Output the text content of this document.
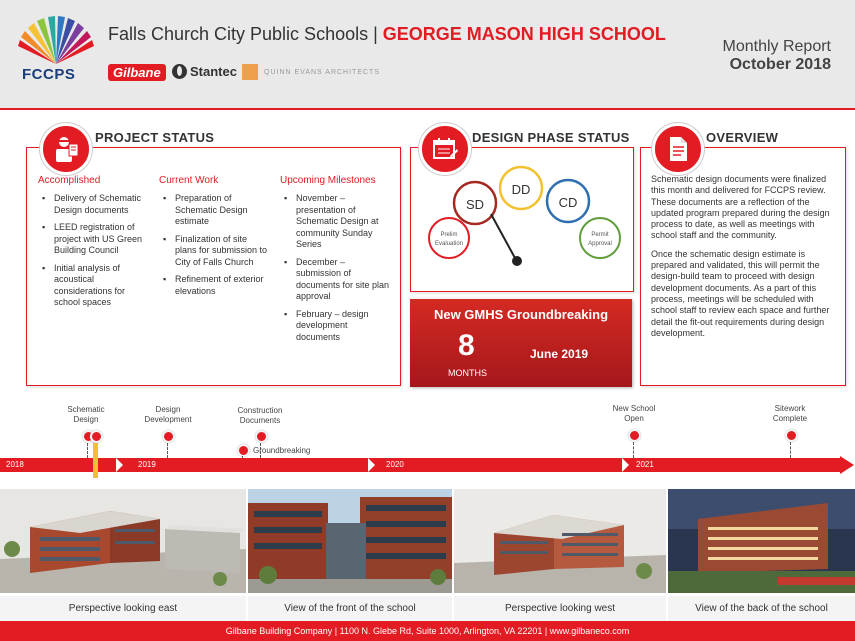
FCCPS
Falls Church City Public Schools | GEORGE MASON HIGH SCHOOL
Gilbane	Stantec	QUINN EVANS ARCHITECTS
Monthly Report
October 2018
PROJECT STATUS
Accomplished
▪ Delivery of Schematic Design documents
▪ LEED registration of project with US Green Building Council
▪ Initial analysis of acoustical considerations for school spaces
Current Work
▪ Preparation of Schematic Design estimate
▪ Finalization of site plans for submission to City of Falls Church
▪ Refinement of exterior elevations
Upcoming Milestones
▪ November – presentation of Schematic Design at community Sunday Series
▪ December – submission of documents for site plan approval
▪ February – design development documents
DESIGN PHASE STATUS
Prelim
Evaluation
SD
DD
CD
Permit
Approval
New GMHS Groundbreaking
8
MONTHS
June 2019
OVERVIEW

Schematic design documents were finalized this month and delivered for FCCPS review. These documents are a reflection of the updated program prepared during the design process to date, as well as meetings with school staff and the community.

Once the schematic design estimate is prepared and validated, this will permit the design-build team to proceed with design development documents. As a part of this process, meetings will be scheduled with school staff to review each space and further detail the fit-out requirements during design development.

2018	2019	2020	2021
Schematic Design
Design Development
Construction Documents
Groundbreaking
New School Open
Sitework Complete
Perspective looking east	View of the front of the school	Perspective looking west	View of the back of the school
Gilbane Building Company | 1100 N. Glebe Rd, Suite 1000, Arlington, VA 22201 | www.gilbaneco.com
